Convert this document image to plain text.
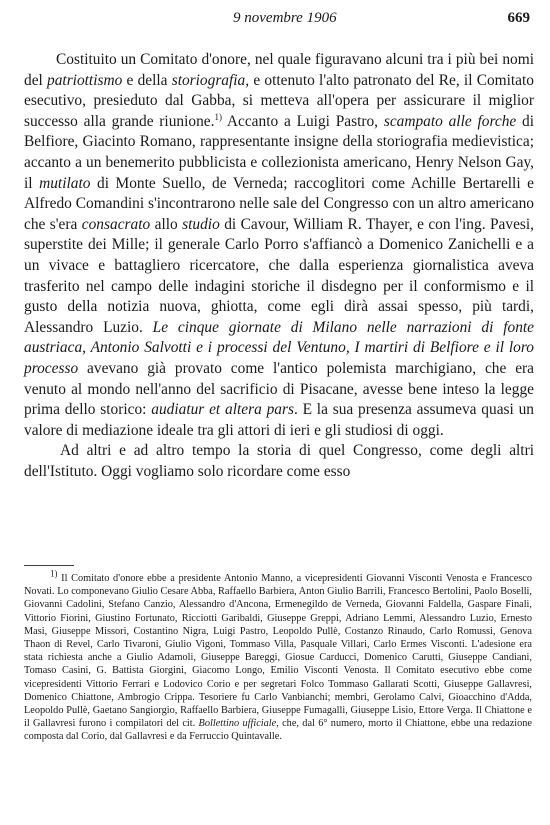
9 novembre 1906	669

Costituito un Comitato d'onore, nel quale figuravano alcuni tra i più bei nomi del patriottismo e della storiografia, e ottenuto l'alto patronato del Re, il Comitato esecutivo, presieduto dal Gabba, si metteva all'opera per assicurare il miglior successo alla grande riunione.$^{1)}$ Accanto a Luigi Pastro, scampato alle forche di Belfiore, Giacinto Romano, rappresentante insigne della storiografia medievistica; accanto a un benemerito pubblicista e collezionista americano, Henry Nelson Gay, il mutilato di Monte Suello, de Verneda; raccoglitori come Achille Bertarelli e Alfredo Comandini s'incontrarono nelle sale del Congresso con un altro americano che s'era consacrato allo studio di Cavour, William R. Thayer, e con l'ing. Pavesi, superstite dei Mille; il generale Carlo Porro s'affiancò a Domenico Zanichelli e a un vivace e battagliero ricercatore, che dalla esperienza giornalistica aveva trasferito nel campo delle indagini storiche il disdegno per il conformismo e il gusto della notizia nuova, ghiotta, come egli dirà assai spesso, più tardi, Alessandro Luzio. Le cinque giornate di Milano nelle narrazioni di fonte austriaca, Antonio Salvotti e i processi del Ventuno, I martiri di Belfiore e il loro processo avevano già provato come l'antico polemista marchigiano, che era venuto al mondo nell'anno del sacrificio di Pisacane, avesse bene inteso la legge prima dello storico: audiatur et altera pars. E la sua presenza assumeva quasi un valore di mediazione ideale tra gli attori di ieri e gli studiosi di oggi.

Ad altri e ad altro tempo la storia di quel Congresso, come degli altri dell'Istituto. Oggi vogliamo solo ricordare come esso

$^{1)}$ Il Comitato d'onore ebbe a presidente Antonio Manno, a vicepresidenti Giovanni Visconti Venosta e Francesco Novati. Lo componevano Giulio Cesare Abba, Raffaello Barbiera, Anton Giulio Barrili, Francesco Bertolini, Paolo Boselli, Giovanni Cadolini, Stefano Canzio, Alessandro d'Ancona, Ermenegildo de Verneda, Giovanni Faldella, Gaspare Finali, Vittorio Fiorini, Giustino Fortunato, Ricciotti Garibaldi, Giuseppe Greppi, Adriano Lemmi, Alessandro Luzio, Ernesto Masi, Giuseppe Missori, Costantino Nigra, Luigi Pastro, Leopoldo Pullè, Costanzo Rinaudo, Carlo Romussi, Genova Thaon di Revel, Carlo Tivaroni, Giulio Vigoni, Tommaso Villa, Pasquale Villari, Carlo Ermes Visconti. L'adesione era stata richiesta anche a Giulio Adamoli, Giuseppe Bareggi, Giosue Carducci, Domenico Carutti, Giuseppe Candiani, Tomaso Casini, G. Battista Giorgini, Giacomo Longo, Emilio Visconti Venosta. Il Comitato esecutivo ebbe come vicepresidenti Vittorio Ferrari e Lodovico Corio e per segretari Folco Tommaso Gallarati Scotti, Giuseppe Gallavresi, Domenico Chiattone, Ambrogio Crippa. Tesoriere fu Carlo Vanbianchi; membri, Gerolamo Calvi, Gioacchino d'Adda, Leopoldo Pullè, Gaetano Sangiorgio, Raffaello Barbiera, Giuseppe Fumagalli, Giuseppe Lisio, Ettore Verga. Il Chiattone e il Gallavresi furono i compilatori del cit. Bollettino ufficiale, che, dal 6° numero, morto il Chiattone, ebbe una redazione composta dal Corio, dal Gallavresi e da Ferruccio Quintavalle.
